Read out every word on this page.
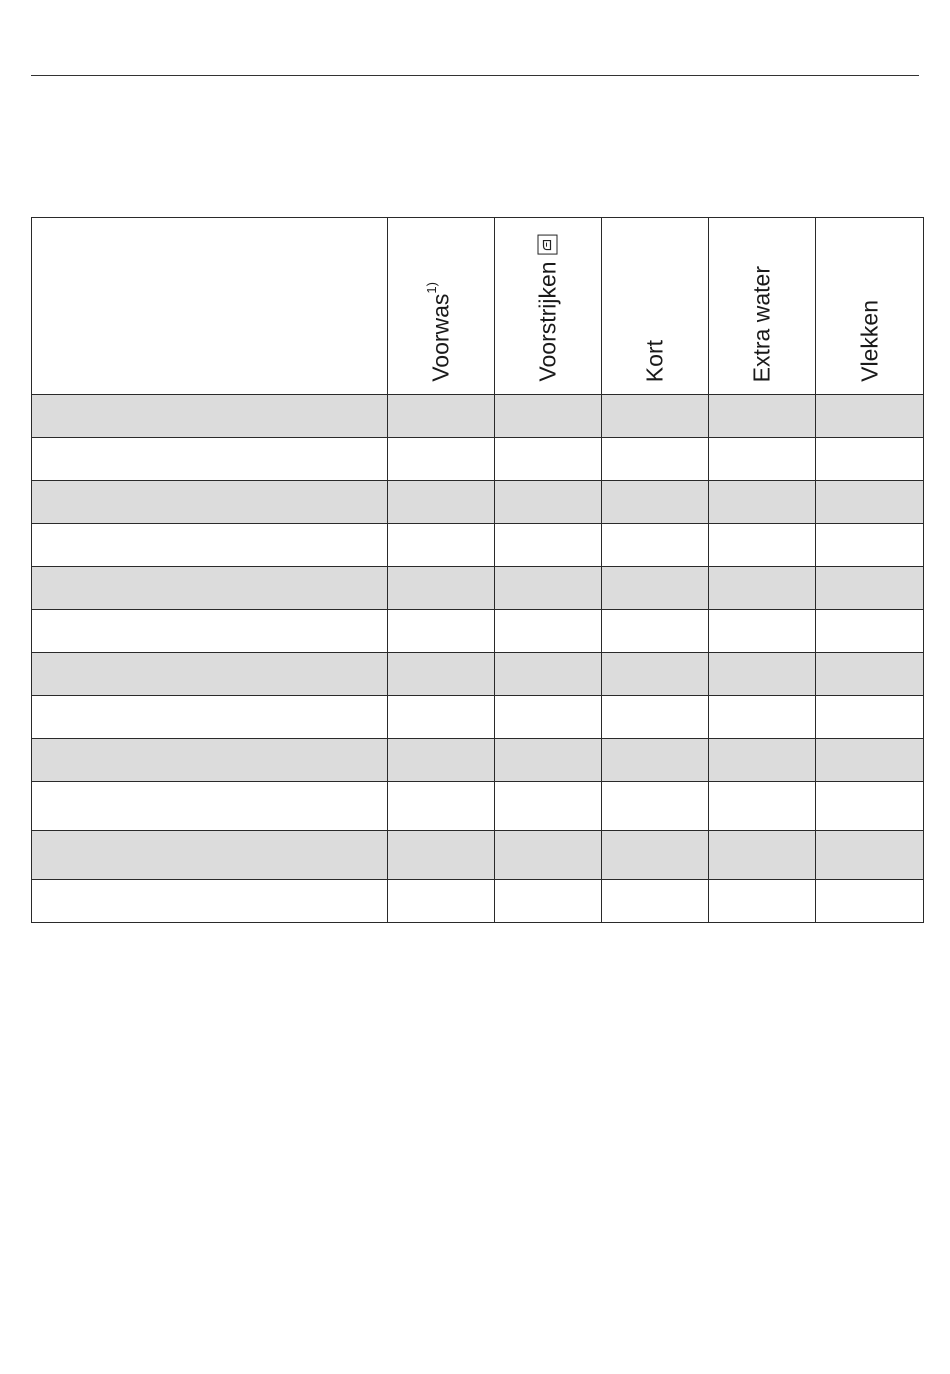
	Voorwas$^{1)}$	Voorstrijken	Kort	Extra water	Vlekken
